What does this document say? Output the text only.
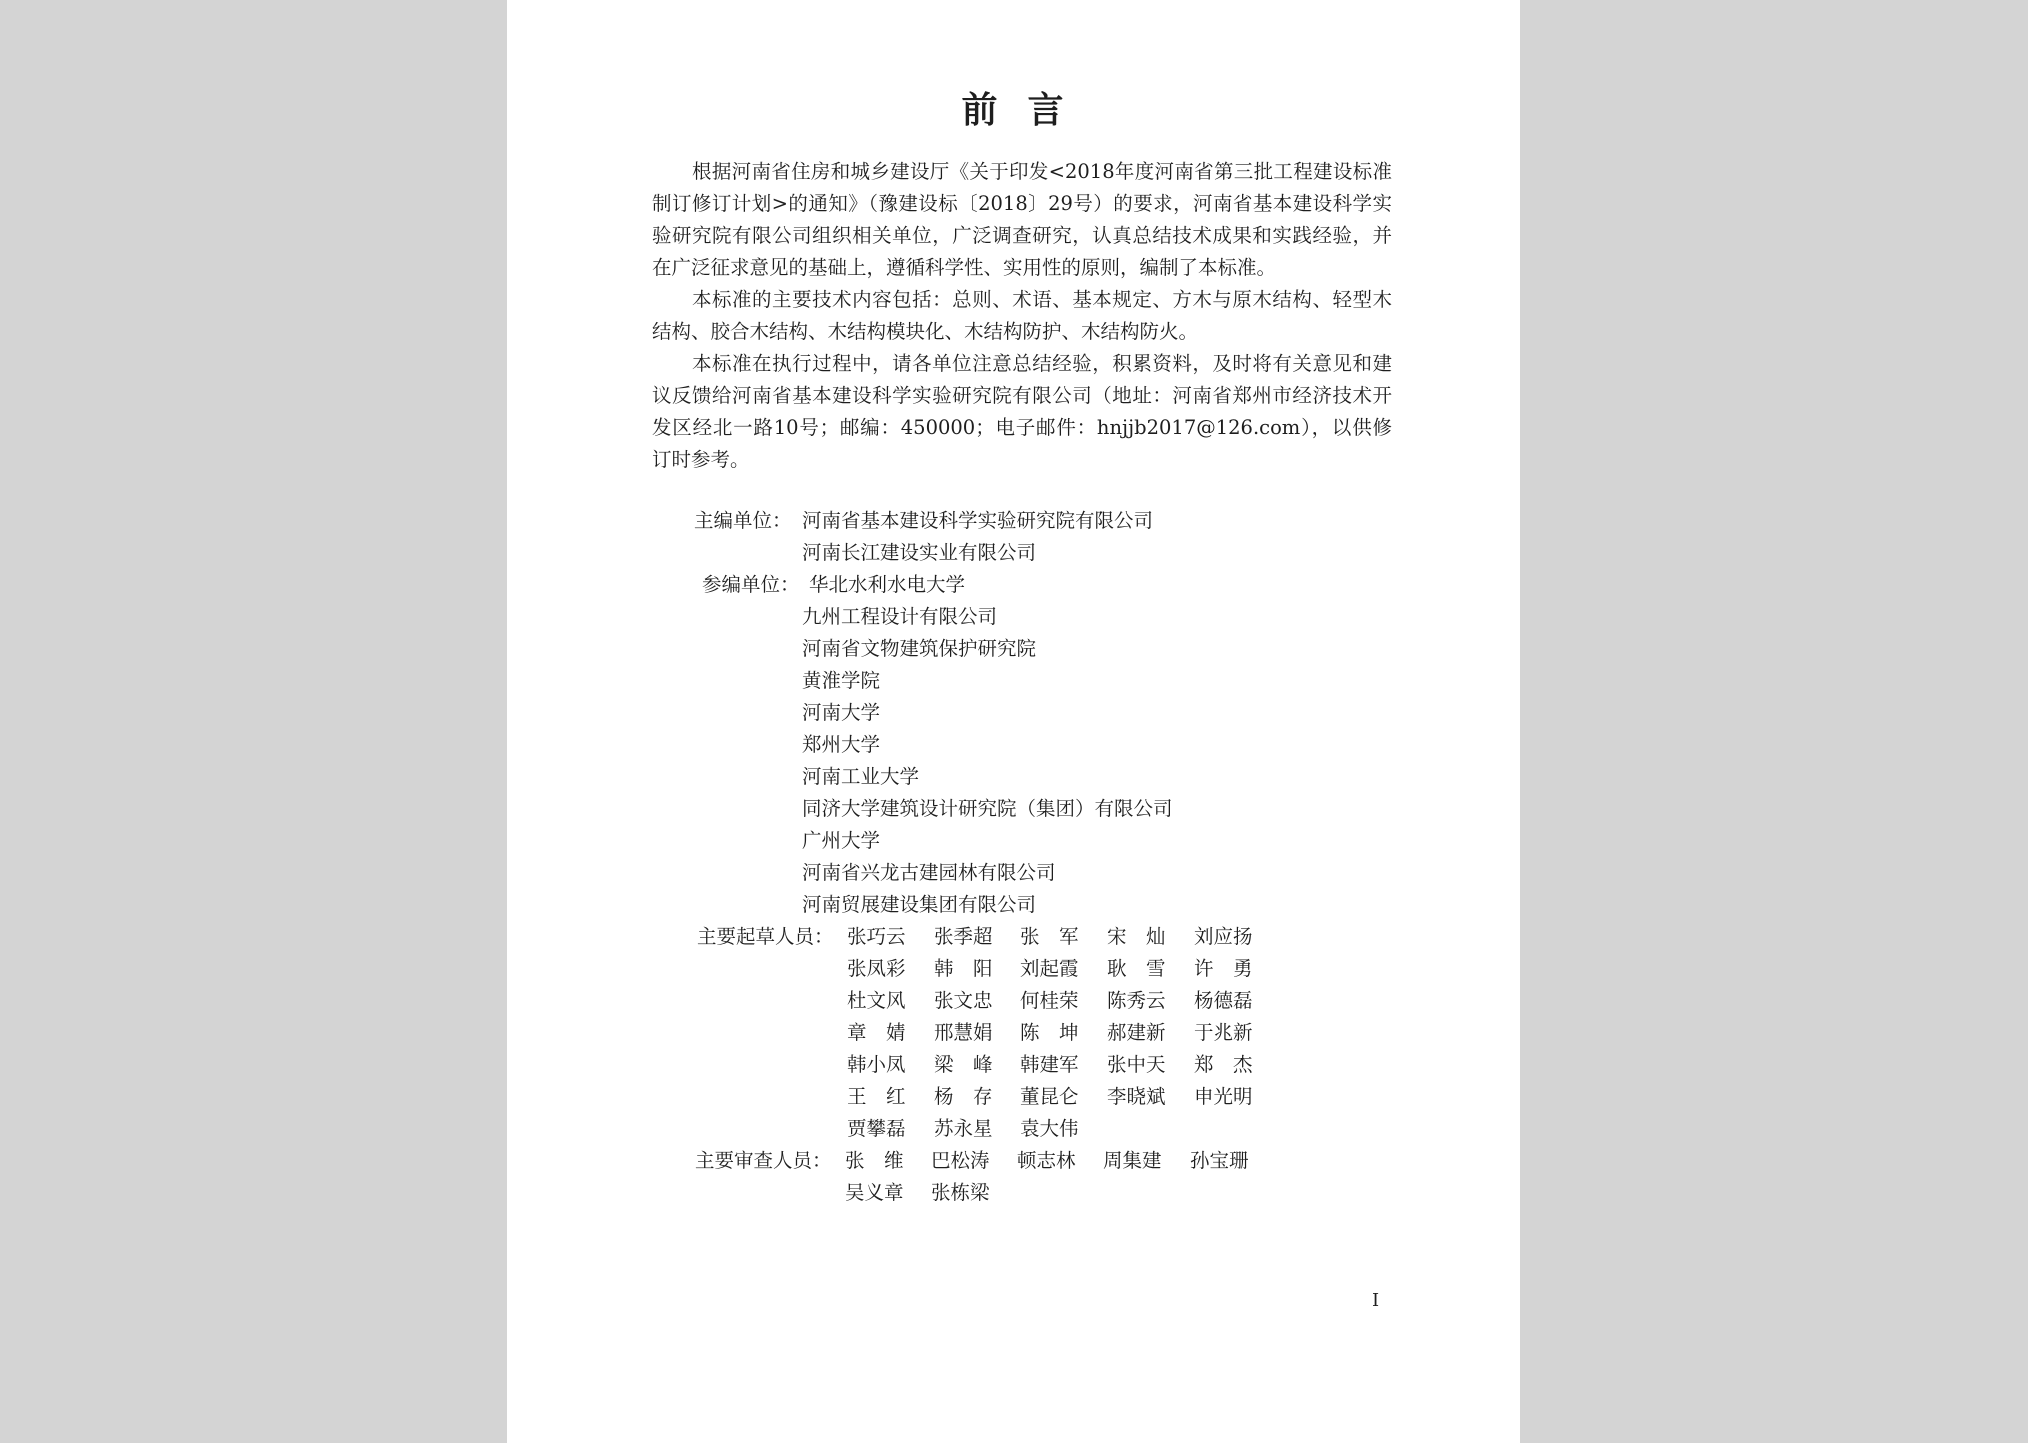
前 言

根据河南省住房和城乡建设厅《关于印发<2018年度河南省第三批工程建设标准制订修订计划>的通知》（豫建设标〔2018〕29号）的要求，河南省基本建设科学实验研究院有限公司组织相关单位，广泛调查研究，认真总结技术成果和实践经验，并在广泛征求意见的基础上，遵循科学性、实用性的原则，编制了本标准。

本标准的主要技术内容包括：总则、术语、基本规定、方木与原木结构、轻型木结构、胶合木结构、木结构模块化、木结构防护、木结构防火。

本标准在执行过程中，请各单位注意总结经验，积累资料，及时将有关意见和建议反馈给河南省基本建设科学实验研究院有限公司（地址：河南省郑州市经济技术开发区经北一路10号；邮编：450000；电子邮件：hnjjb2017@126.com），以供修订时参考。

主编单位： 河南省基本建设科学实验研究院有限公司
河南长江建设实业有限公司
参编单位： 华北水利水电大学
九州工程设计有限公司
河南省文物建筑保护研究院
黄淮学院
河南大学
郑州大学
河南工业大学
同济大学建筑设计研究院（集团）有限公司
广州大学
河南省兴龙古建园林有限公司
河南贸展建设集团有限公司
主要起草人员： 张巧云 张季超 张　军 宋　灿 刘应扬
张凤彩 韩　阳 刘起霞 耿　雪 许　勇
杜文风 张文忠 何桂荣 陈秀云 杨德磊
章　婧 邢慧娟 陈　坤 郝建新 于兆新
韩小凤 梁　峰 韩建军 张中天 郑　杰
王　红 杨　存 董昆仑 李晓斌 申光明
贾攀磊 苏永星 袁大伟
主要审查人员： 张　维 巴松涛 顿志林 周集建 孙宝珊
吴义章 张栋梁
I
